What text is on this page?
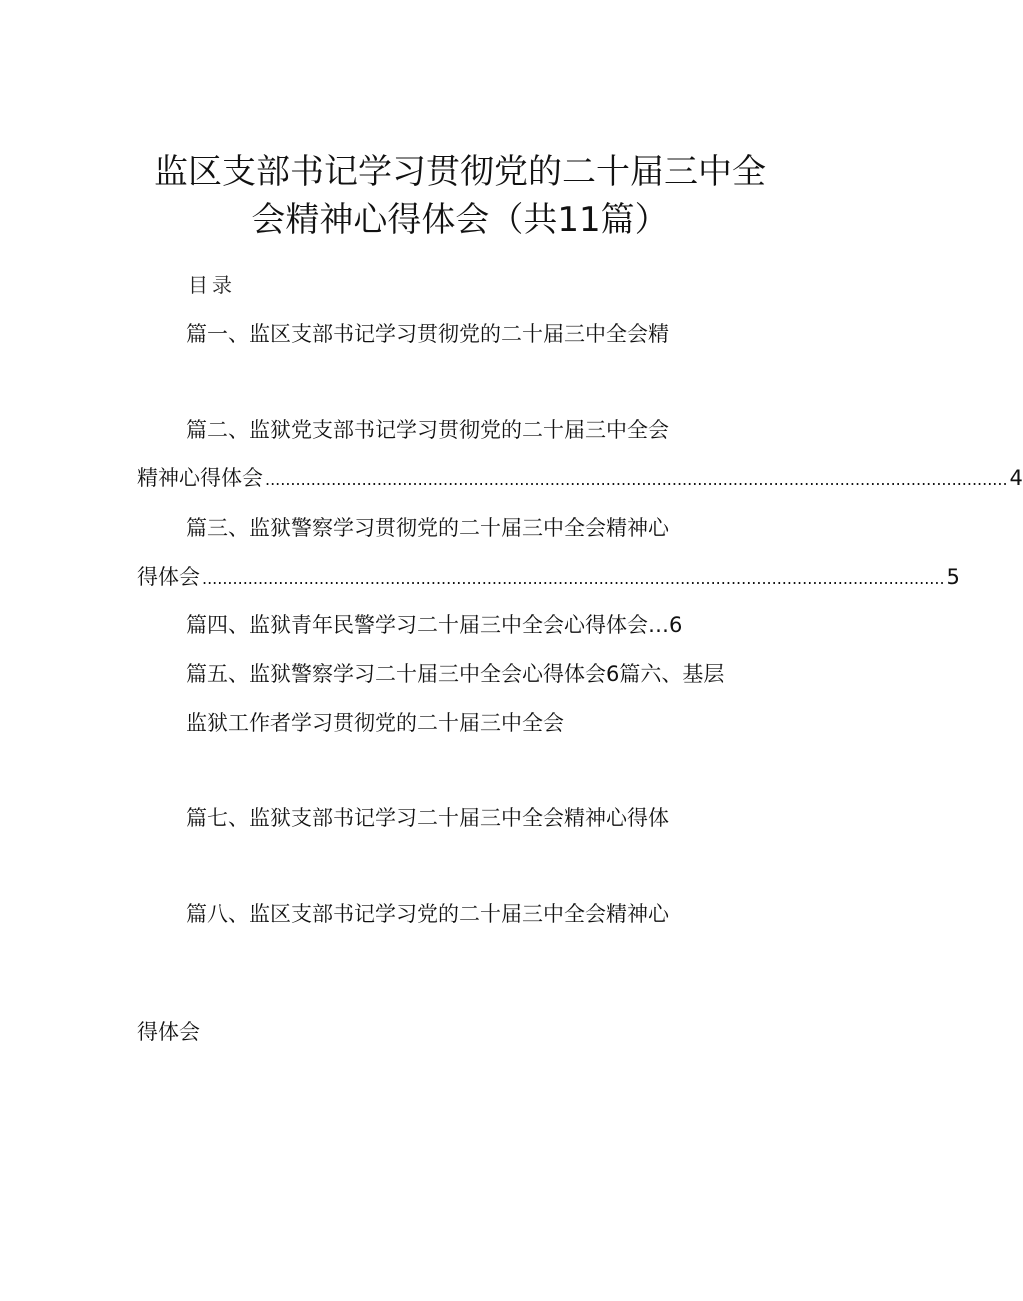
监区支部书记学习贯彻党的二十届三中全
会精神心得体会（共11篇）
目录
篇一、监区支部书记学习贯彻党的二十届三中全会精
篇二、监狱党支部书记学习贯彻党的二十届三中全会
精神心得体会 .................................................................................................................................................. 4
篇三、监狱警察学习贯彻党的二十届三中全会精神心
得体会 .................................................................................................................................................. 5
篇四、监狱青年民警学习二十届三中全会心得体会…6
篇五、监狱警察学习二十届三中全会心得体会6篇六、基层
监狱工作者学习贯彻党的二十届三中全会
篇七、监狱支部书记学习二十届三中全会精神心得体
篇八、监区支部书记学习党的二十届三中全会精神心
得体会
